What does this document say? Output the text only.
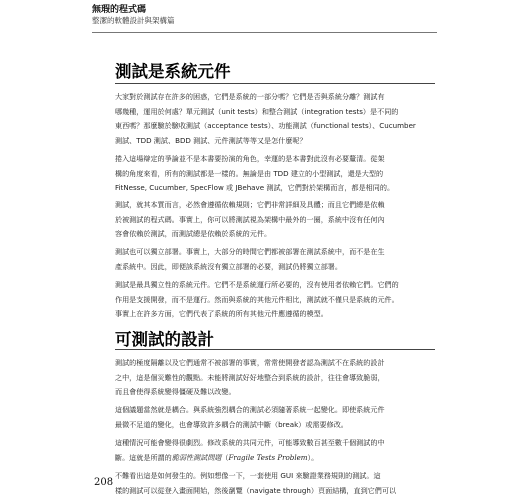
無瑕的程式碼
整潔的軟體設計與架構篇
測試是系統元件

大家對於測試存在許多的困惑，它們是系統的一部分嗎？它們是否與系統分離？測試有

哪幾種，運用於何處？單元測試（unit tests）和整合測試（integration tests）是不同的

東西嗎？那麼驗於驗收測試（acceptance tests）、功能測試（functional tests）、Cucumber

測試、TDD 測試、BDD 測試、元件測試等等又是怎什麼呢？

捲入這場辯定的爭論並不是本書要扮演的角色，幸運的是本書對此沒有必要釐清。從架

構的角度來看，所有的測試都是一樣的。無論是由 TDD 建立的小型測試，還是大型的

FitNesse, Cucumber, SpecFlow 或 JBehave 測試，它們對於架構而言，都是相同的。

測試，就其本質而言，必然會遵循依賴規則；它們非常詳細及具體；而且它們總是依賴

於被測試的程式碼。事實上，你可以將測試視為架構中最外的一圈，系統中沒有任何內

容會依賴於測試，而測試總是依賴於系統的元件。

測試也可以獨立部署。事實上，大部分的時間它們都被部署在測試系統中，而不是在生

產系統中。因此，即便該系統沒有獨立部署的必要，測試仍將獨立部署。

測試是最具獨立性的系統元件。它們不是系統運行所必要的，沒有使用者依賴它們。它們的

作用是支援開發，而不是運行。然而與系統的其他元件相比，測試就不僅只是系統的元件。

事實上在許多方面，它們代表了系統的所有其他元件應遵循的模型。

可測試的設計

測試的極度隔離以及它們通常不被部署的事實，常常使開發者認為測試不在系統的設計

之中，這是個災難性的觀點。未能將測試好好地整合到系統的設計，往往會導致脆弱，

而且會使得系統變得僵硬及難以改變。

這個議題當然就是耦合。與系統強烈耦合的測試必須隨著系統一起變化。即使系統元件

最微不足道的變化，也會導致許多耦合的測試中斷（break）或需要修改。

這種情況可能會變得很劇烈。修改系統的共同元件，可能導致數百甚至數千個測試的中

斷。這就是所謂的脆弱性測試問題（Fragile Tests Problem）。

不難看出這是如何發生的。例如想像一下，一套使用 GUI 來驗證業務規則的測試。這

樣的測試可以從登入畫面開始，然後瀏覽（navigate through）頁面結構，直到它們可以

208
